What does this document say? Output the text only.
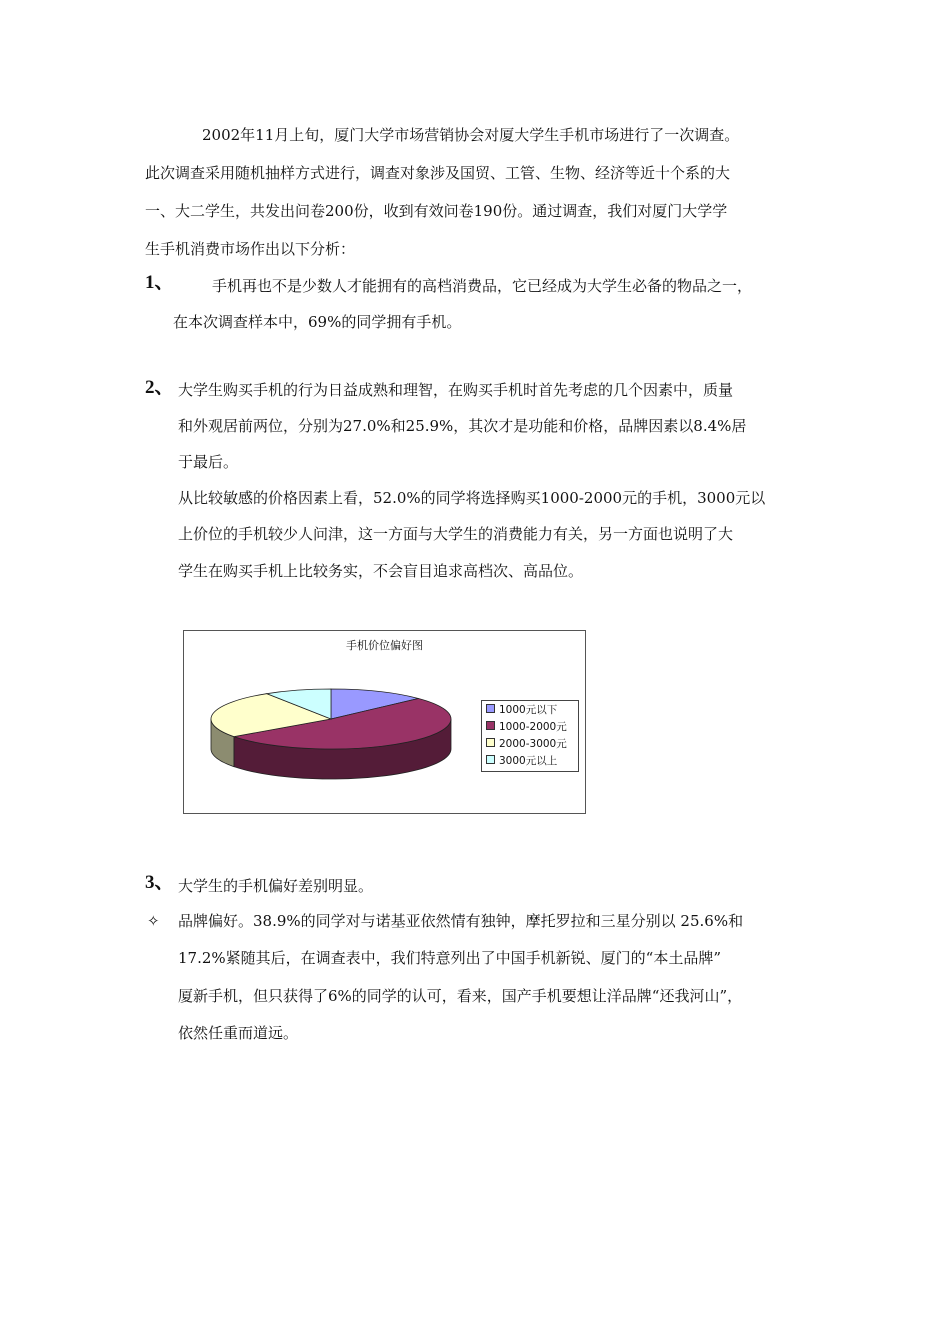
2002年11月上旬，厦门大学市场营销协会对厦大学生手机市场进行了一次调查。
此次调查采用随机抽样方式进行，调查对象涉及国贸、工管、生物、经济等近十个系的大
一、大二学生，共发出问卷200份，收到有效问卷190份。通过调查，我们对厦门大学学
生手机消费市场作出以下分析：
1、	手机再也不是少数人才能拥有的高档消费品，它已经成为大学生必备的物品之一，
在本次调查样本中，69%的同学拥有手机。
2、 大学生购买手机的行为日益成熟和理智，在购买手机时首先考虑的几个因素中，质量
和外观居前两位，分别为27.0%和25.9%，其次才是功能和价格，品牌因素以8.4%居
于最后。
从比较敏感的价格因素上看，52.0%的同学将选择购买1000-2000元的手机，3000元以
上价位的手机较少人问津，这一方面与大学生的消费能力有关，另一方面也说明了大
学生在购买手机上比较务实，不会盲目追求高档次、高品位。
手机价位偏好图
1000元以下
1000-2000元
2000-3000元
3000元以上
3、 大学生的手机偏好差别明显。
✧ 品牌偏好。38.9%的同学对与诺基亚依然情有独钟，摩托罗拉和三星分别以 25.6%和
17.2%紧随其后，在调查表中，我们特意列出了中国手机新锐、厦门的“本土品牌”
厦新手机，但只获得了6%的同学的认可，看来，国产手机要想让洋品牌“还我河山”，
依然任重而道远。
